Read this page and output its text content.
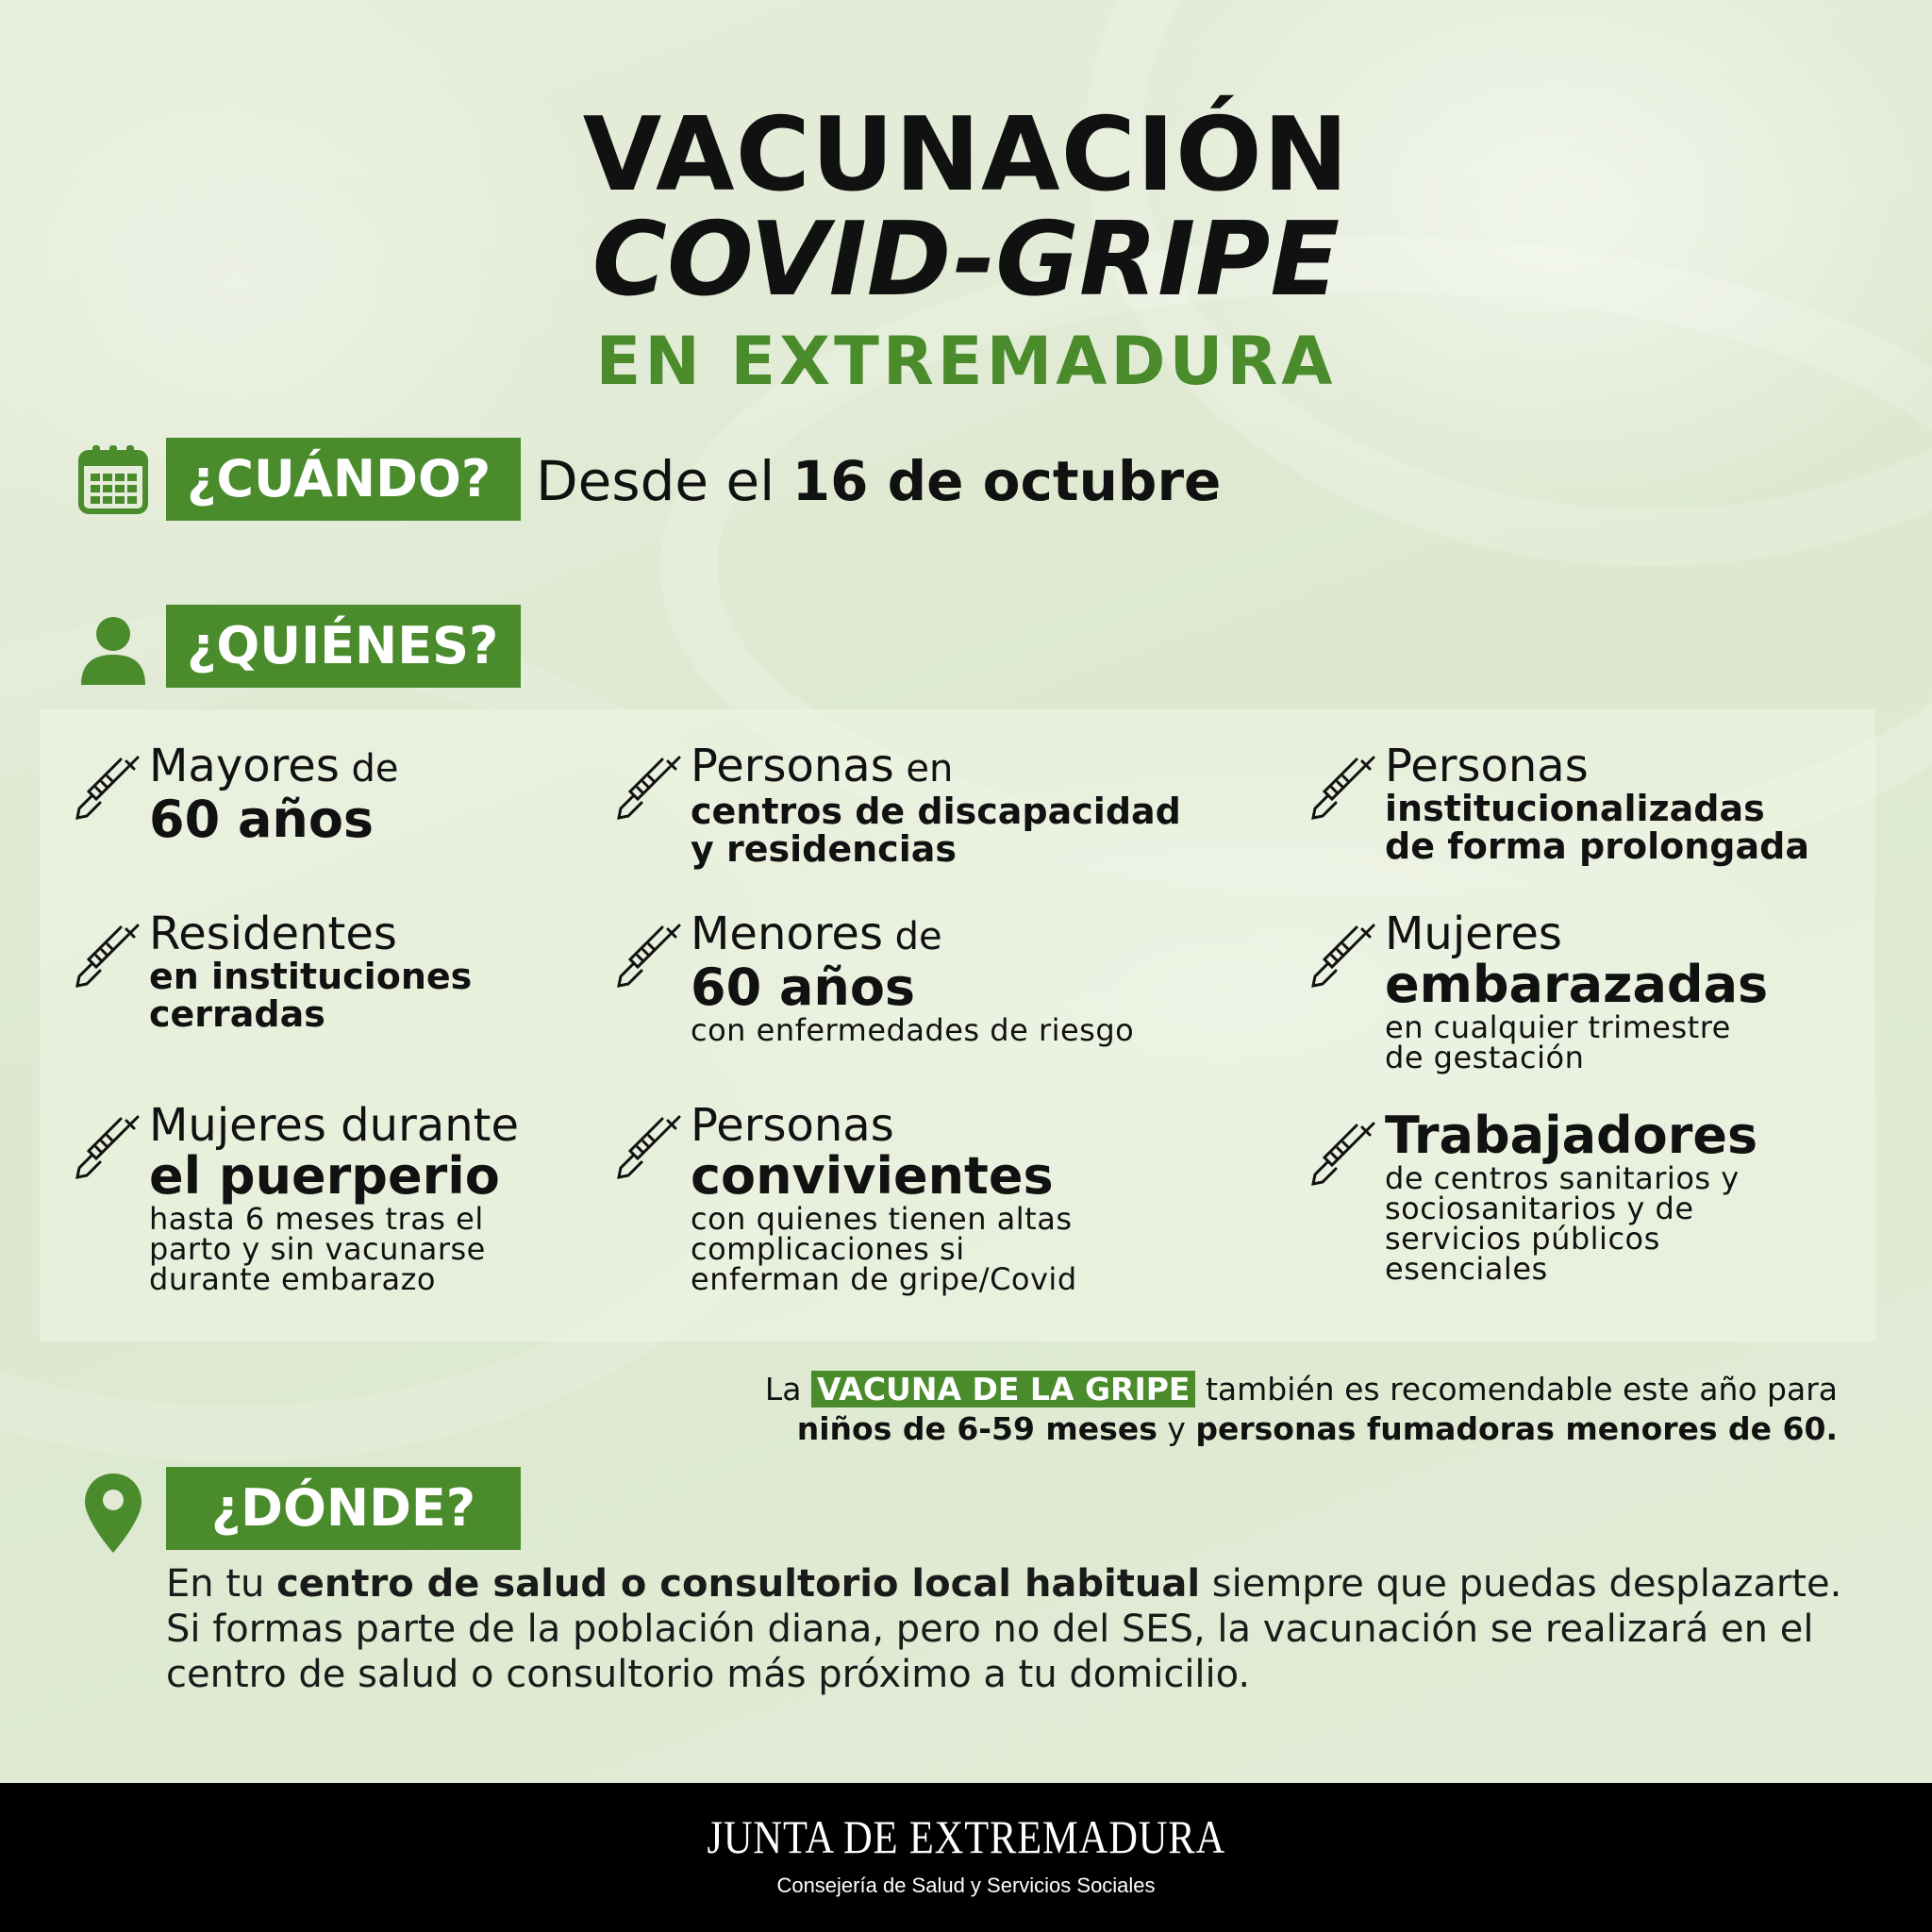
VACUNACIÓN
COVID-GRIPE
EN EXTREMADURA
¿CUÁNDO? Desde el 16 de octubre
¿QUIÉNES?
Mayores de
60 años
Personas en
centros de discapacidad
y residencias
Personas
institucionalizadas
de forma prolongada
Residentes
en instituciones
cerradas
Menores de
60 años
con enfermedades de riesgo
Mujeres
embarazadas
en cualquier trimestre
de gestación
Mujeres durante
el puerperio
hasta 6 meses tras el
parto y sin vacunarse
durante embarazo
Personas
convivientes
con quienes tienen altas
complicaciones si
enferman de gripe/Covid
Trabajadores
de centros sanitarios y
sociosanitarios y de
servicios públicos
esenciales
La VACUNA DE LA GRIPE también es recomendable este año para
niños de 6-59 meses y personas fumadoras menores de 60.
¿DÓNDE?
En tu centro de salud o consultorio local habitual siempre que puedas desplazarte.
Si formas parte de la población diana, pero no del SES, la vacunación se realizará en el centro de salud o consultorio más próximo a tu domicilio.
JUNTA DE EXTREMADURA
Consejería de Salud y Servicios Sociales
